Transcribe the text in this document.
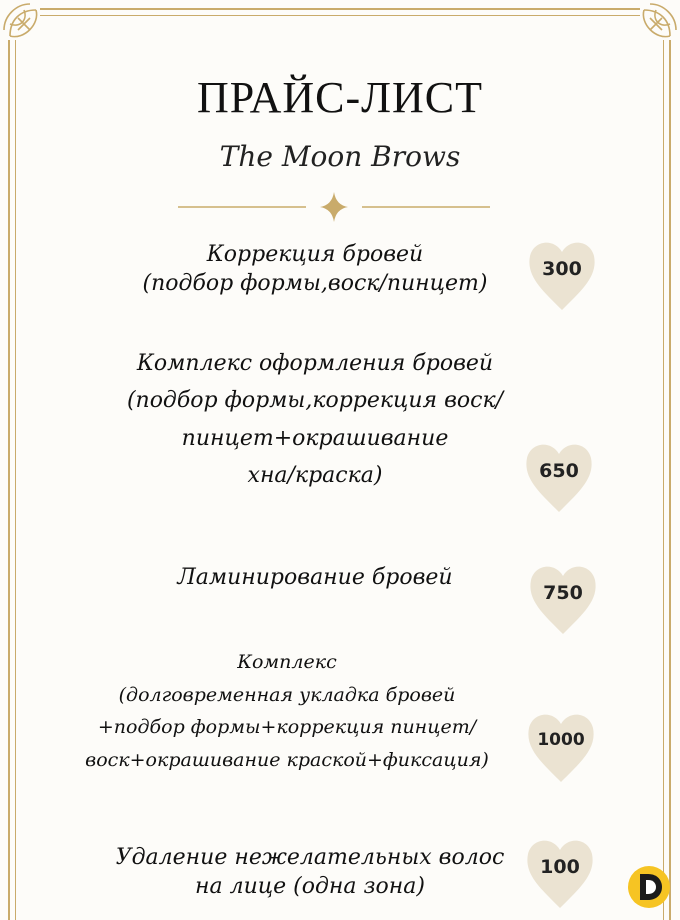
ПРАЙС-ЛИСТ
The Moon Brows
Коррекция бровей
(подбор формы,воск/пинцет)
300
Комплекс оформления бровей
(подбор формы,коррекция воск/
пинцет+окрашивание
хна/краска)	650
Ламинирование бровей
750
Комплекс
(долговременная укладка бровей
+подбор формы+коррекция пинцет/
воск+окрашивание краской+фиксация)
1000
Удаление нежелательных волос
на лице (одна зона)
100
